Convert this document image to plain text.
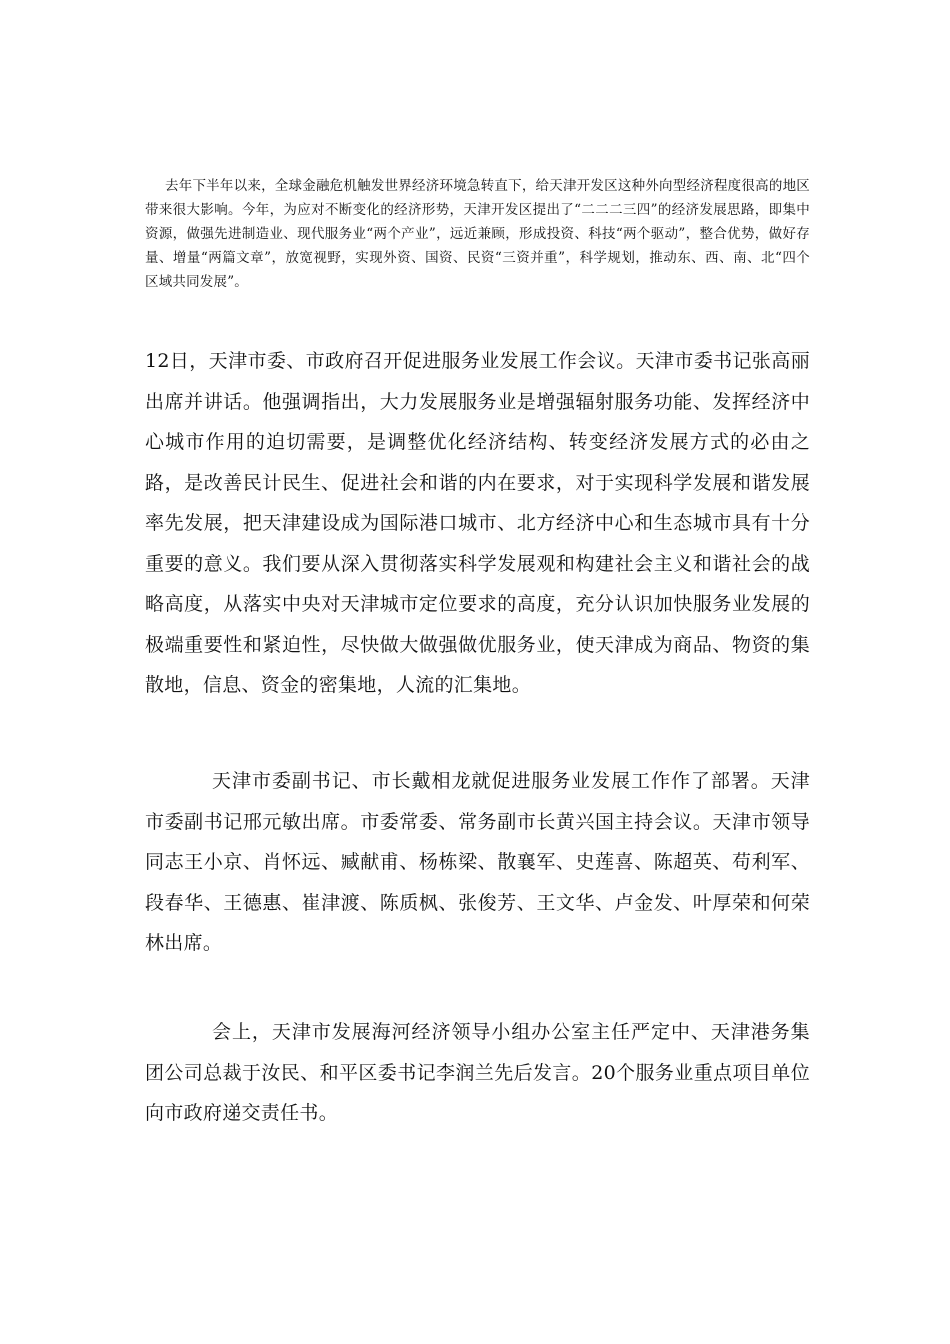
去年下半年以来，全球金融危机触发世界经济环境急转直下，给天津开发区这种外向型经济程度很高的地区带来很大影响。今年，为应对不断变化的经济形势，天津开发区提出了“二二二三四”的经济发展思路，即集中资源，做强先进制造业、现代服务业“两个产业”，远近兼顾，形成投资、科技“两个驱动”，整合优势，做好存量、增量“两篇文章”，放宽视野，实现外资、国资、民资“三资并重”，科学规划，推动东、西、南、北“四个区域共同发展”。

12日，天津市委、市政府召开促进服务业发展工作会议。天津市委书记张高丽出席并讲话。他强调指出，大力发展服务业是增强辐射服务功能、发挥经济中心城市作用的迫切需要，是调整优化经济结构、转变经济发展方式的必由之路，是改善民计民生、促进社会和谐的内在要求，对于实现科学发展和谐发展率先发展，把天津建设成为国际港口城市、北方经济中心和生态城市具有十分重要的意义。我们要从深入贯彻落实科学发展观和构建社会主义和谐社会的战略高度，从落实中央对天津城市定位要求的高度，充分认识加快服务业发展的极端重要性和紧迫性，尽快做大做强做优服务业，使天津成为商品、物资的集散地，信息、资金的密集地，人流的汇集地。

天津市委副书记、市长戴相龙就促进服务业发展工作作了部署。天津市委副书记邢元敏出席。市委常委、常务副市长黄兴国主持会议。天津市领导同志王小京、肖怀远、臧献甫、杨栋梁、散襄军、史莲喜、陈超英、苟利军、段春华、王德惠、崔津渡、陈质枫、张俊芳、王文华、卢金发、叶厚荣和何荣林出席。

会上，天津市发展海河经济领导小组办公室主任严定中、天津港务集团公司总裁于汝民、和平区委书记李润兰先后发言。20个服务业重点项目单位向市政府递交责任书。
